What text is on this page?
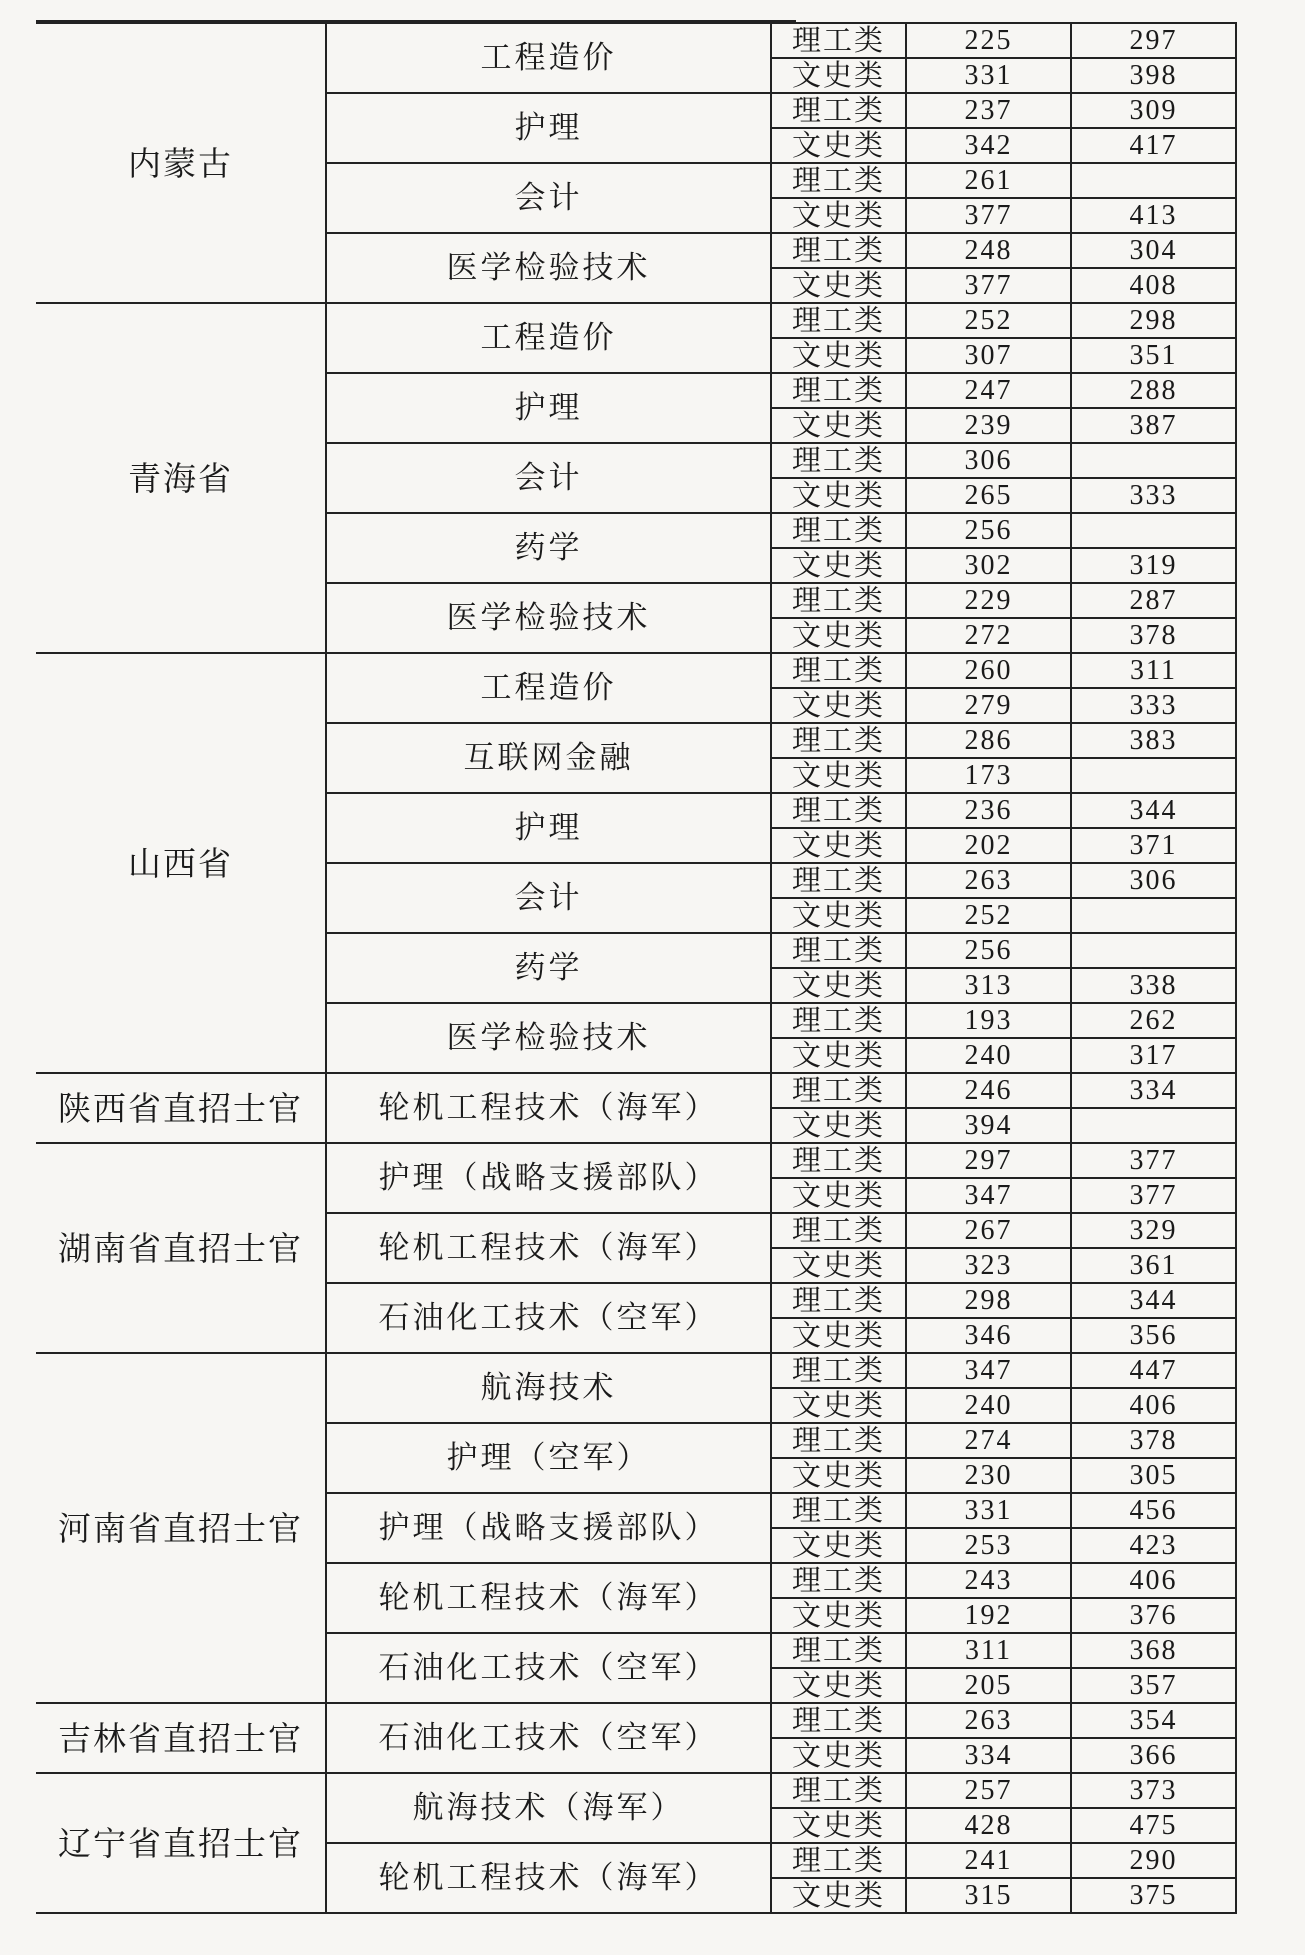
内蒙古	工程造价	理工类	225	297
		文史类	331	398
	护理	理工类	237	309
		文史类	342	417
	会计	理工类	261	
		文史类	377	413
	医学检验技术	理工类	248	304
		文史类	377	408
青海省	工程造价	理工类	252	298
		文史类	307	351
	护理	理工类	247	288
		文史类	239	387
	会计	理工类	306	
		文史类	265	333
	药学	理工类	256	
		文史类	302	319
	医学检验技术	理工类	229	287
		文史类	272	378
山西省	工程造价	理工类	260	311
		文史类	279	333
	互联网金融	理工类	286	383
		文史类	173	
	护理	理工类	236	344
		文史类	202	371
	会计	理工类	263	306
		文史类	252	
	药学	理工类	256	
		文史类	313	338
	医学检验技术	理工类	193	262
		文史类	240	317
陕西省直招士官	轮机工程技术（海军）	理工类	246	334
		文史类	394	
湖南省直招士官	护理（战略支援部队）	理工类	297	377
		文史类	347	377
	轮机工程技术（海军）	理工类	267	329
		文史类	323	361
	石油化工技术（空军）	理工类	298	344
		文史类	346	356
河南省直招士官	航海技术	理工类	347	447
		文史类	240	406
	护理（空军）	理工类	274	378
		文史类	230	305
	护理（战略支援部队）	理工类	331	456
		文史类	253	423
	轮机工程技术（海军）	理工类	243	406
		文史类	192	376
	石油化工技术（空军）	理工类	311	368
		文史类	205	357
吉林省直招士官	石油化工技术（空军）	理工类	263	354
		文史类	334	366
辽宁省直招士官	航海技术（海军）	理工类	257	373
		文史类	428	475
	轮机工程技术（海军）	理工类	241	290
		文史类	315	375
